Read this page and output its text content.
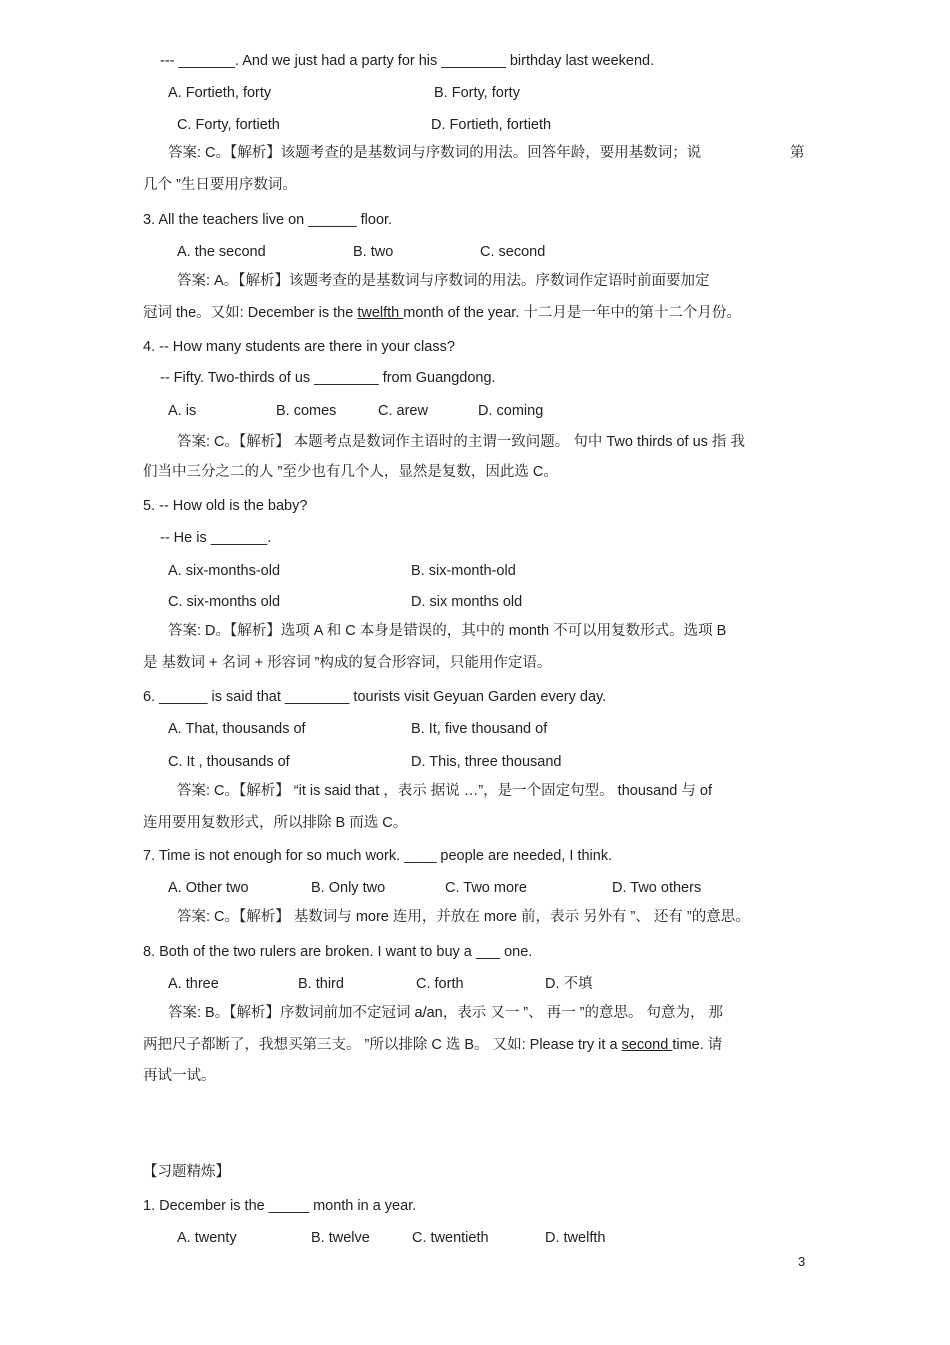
--- _______. And we just had a party for his ________ birthday last weekend.
A. Fortieth, forty	B. Forty, forty
C. Forty, fortieth	D. Fortieth, fortieth
答案: C。【解析】该题考查的是基数词与序数词的用法。回答年龄，要用基数词；说	第
几个 ”生日要用序数词。
3. All the teachers live on ______ floor.
A. the second	B. two	C. second
答案: A。【解析】该题考查的是基数词与序数词的用法。序数词作定语时前面要加定
冠词 the。又如: December is the twelfth month of the year. 十二月是一年中的第十二个月份。
4. -- How many students are there in your class?
-- Fifty. Two-thirds of us ________ from Guangdong.
A. is	B. comes	C. arew	D. coming
答案: C。【解析】 本题考点是数词作主语时的主谓一致问题。 句中 Two thirds of us 指 我
们当中三分之二的人 ”至少也有几个人，显然是复数，因此选 C。
5. -- How old is the baby?
-- He is _______.
A. six-months-old	B. six-month-old
C. six-months old	D. six months old
答案: D。【解析】选项 A 和 C 本身是错误的，其中的 month 不可以用复数形式。选项 B
是 基数词 + 名词 + 形容词 ”构成的复合形容词，只能用作定语。
6. ______ is said that ________ tourists visit Geyuan Garden every day.
A. That, thousands of	B. It, five thousand of
C. It , thousands of	D. This, three thousand
答案: C。【解析】 “it is said that ，表示 据说 …”，是一个固定句型。 thousand 与 of
连用要用复数形式，所以排除 B 而选 C。
7. Time is not enough for so much work. ____ people are needed, I think.
A. Other two	B. Only two	C. Two more	D. Two others
答案: C。【解析】 基数词与 more 连用，并放在 more 前，表示 另外有 ”、 还有 ”的意思。
8. Both of the two rulers are broken. I want to buy a ___ one.
A. three	B. third	C. forth	D. 不填
答案: B。【解析】序数词前加不定冠词 a/an，表示 又一 ”、 再一 ”的意思。 句意为， 那
两把尺子都断了，我想买第三支。 ”所以排除 C 选 B。 又如: Please try it a second time. 请
再试一试。
【习题精炼】
1. December is the _____ month in a year.
A. twenty	B. twelve	C. twentieth	D. twelfth
3
